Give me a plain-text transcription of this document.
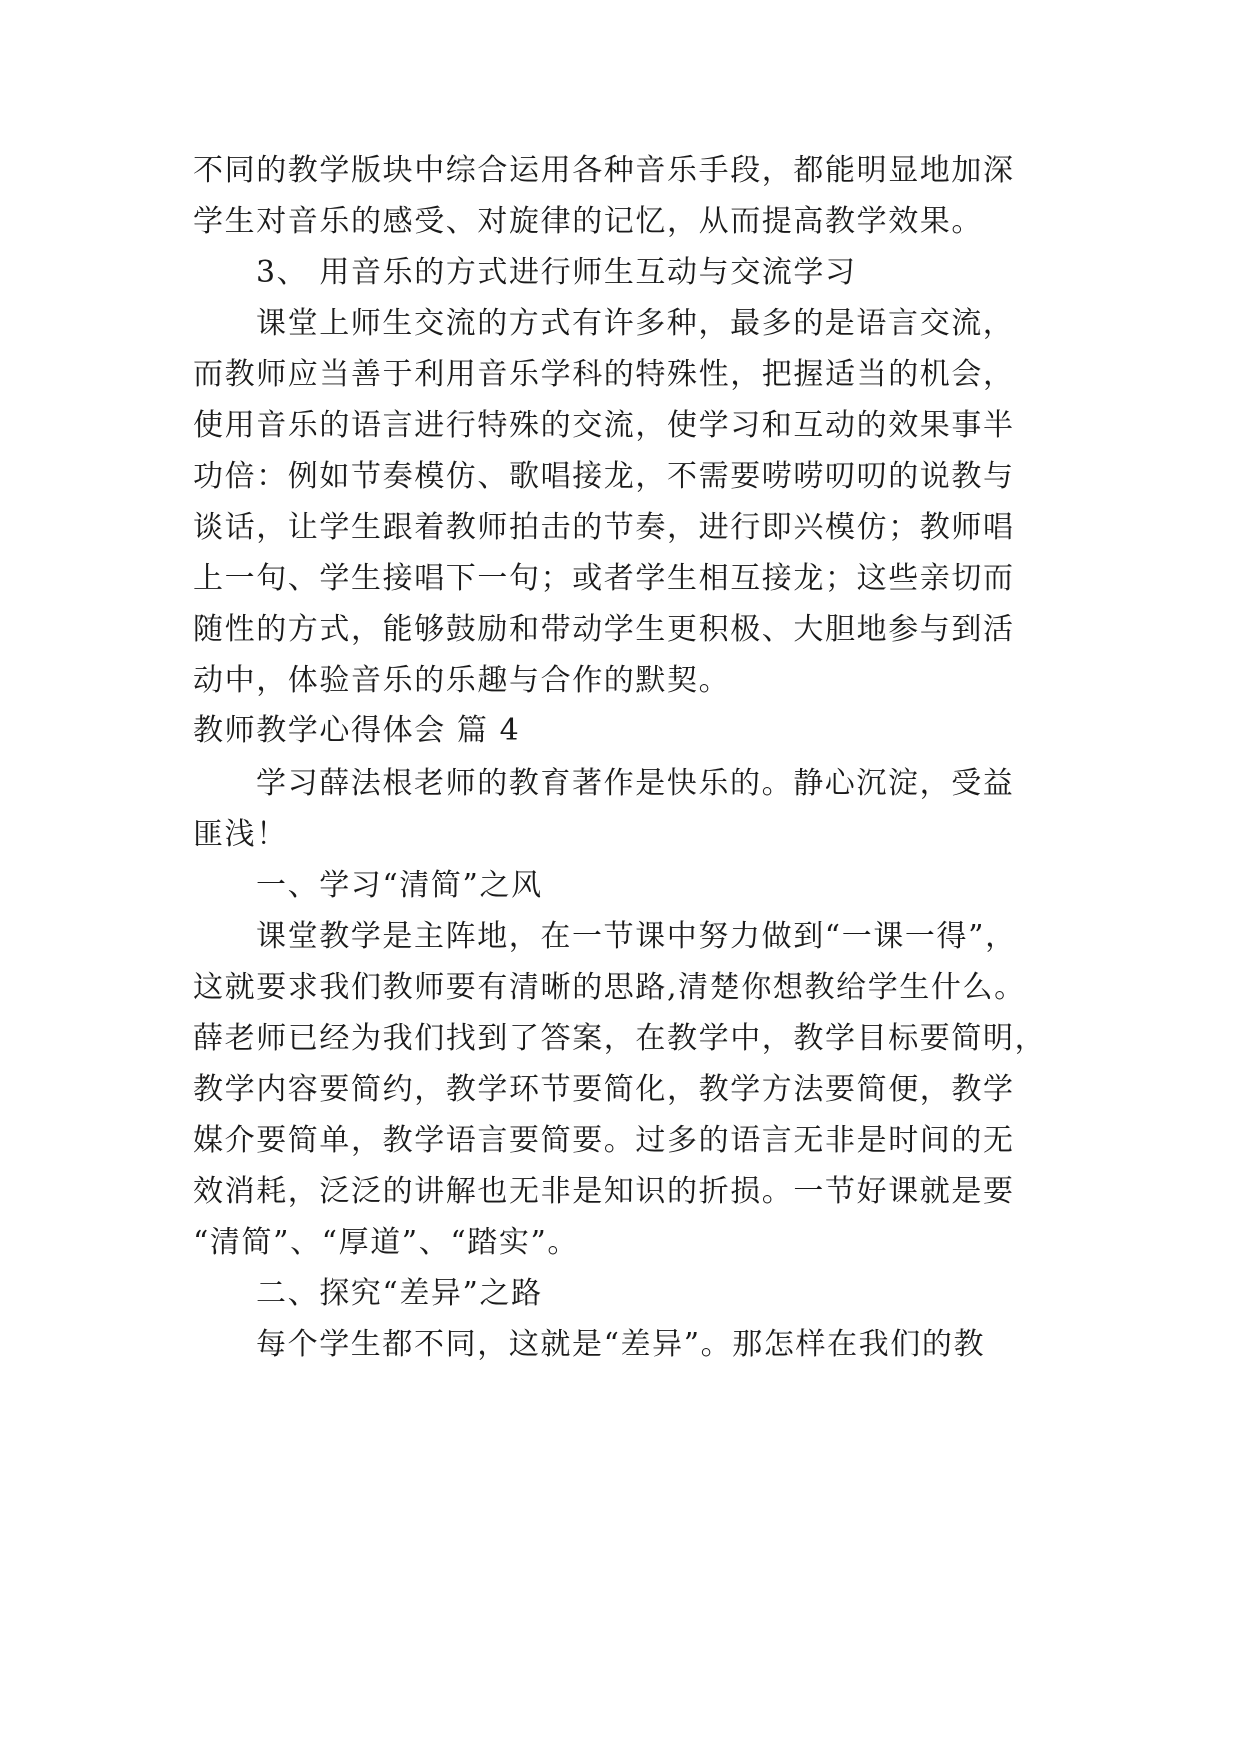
不同的教学版块中综合运用各种音乐手段，都能明显地加深
学生对音乐的感受、对旋律的记忆，从而提高教学效果。
3、 用音乐的方式进行师生互动与交流学习
课堂上师生交流的方式有许多种，最多的是语言交流，
而教师应当善于利用音乐学科的特殊性，把握适当的机会，
使用音乐的语言进行特殊的交流，使学习和互动的效果事半
功倍：例如节奏模仿、歌唱接龙，不需要唠唠叨叨的说教与
谈话，让学生跟着教师拍击的节奏，进行即兴模仿；教师唱
上一句、学生接唱下一句；或者学生相互接龙；这些亲切而
随性的方式，能够鼓励和带动学生更积极、大胆地参与到活
动中，体验音乐的乐趣与合作的默契。
教师教学心得体会 篇 4
学习薛法根老师的教育著作是快乐的。静心沉淀，受益
匪浅！
一、学习“清简”之风
课堂教学是主阵地，在一节课中努力做到“一课一得”，
这就要求我们教师要有清晰的思路,清楚你想教给学生什么。
薛老师已经为我们找到了答案，在教学中，教学目标要简明，
教学内容要简约，教学环节要简化，教学方法要简便，教学
媒介要简单，教学语言要简要。过多的语言无非是时间的无
效消耗，泛泛的讲解也无非是知识的折损。一节好课就是要
“清简”、“厚道”、“踏实”。
二、探究“差异”之路
每个学生都不同，这就是“差异”。那怎样在我们的教
